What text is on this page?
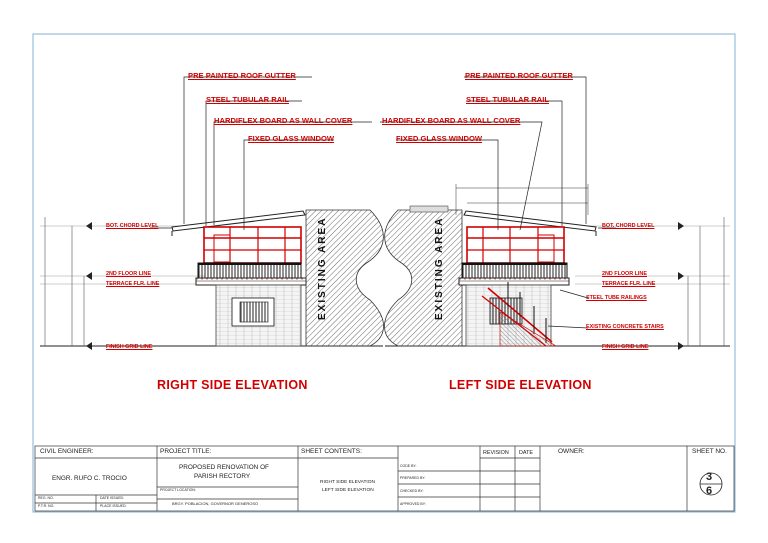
PRE PAINTED ROOF GUTTER
STEEL TUBULAR RAIL
HARDIFLEX BOARD AS WALL COVER
FIXED GLASS WINDOW
PRE PAINTED ROOF GUTTER
STEEL TUBULAR RAIL
HARDIFLEX BOARD AS WALL COVER
FIXED GLASS WINDOW
BOT. CHORD LEVEL
2ND FLOOR LINE
TERRACE FLR. LINE
FINISH GRID LINE
BOT. CHORD LEVEL
2ND FLOOR LINE
TERRACE FLR. LINE
STEEL TUBE RAILINGS
EXISTING CONCRETE STAIRS
FINISH GRID LINE
EXISTING AREA	EXISTING AREA
RIGHT SIDE ELEVATION	LEFT SIDE ELEVATION
CIVIL ENGINEER:
ENGR. RUFO C. TROCIO
REG. NO.	DATE ISSUED:
P.T.R. NO.	PLACE ISSUED:
PROJECT TITLE:
PROPOSED RENOVATION OF
PARISH RECTORY
PROJECT LOCATION:
BRGY. POBLACION, GOVERNOR GENEROSO
SHEET CONTENTS:
RIGHT SIDE ELEVATION
LEFT SIDE ELEVATION
CODE BY:
PREPARED BY:
CHECKED BY:
APPROVED BY:
REVISION DATE	OWNER:	SHEET NO.
3
6
